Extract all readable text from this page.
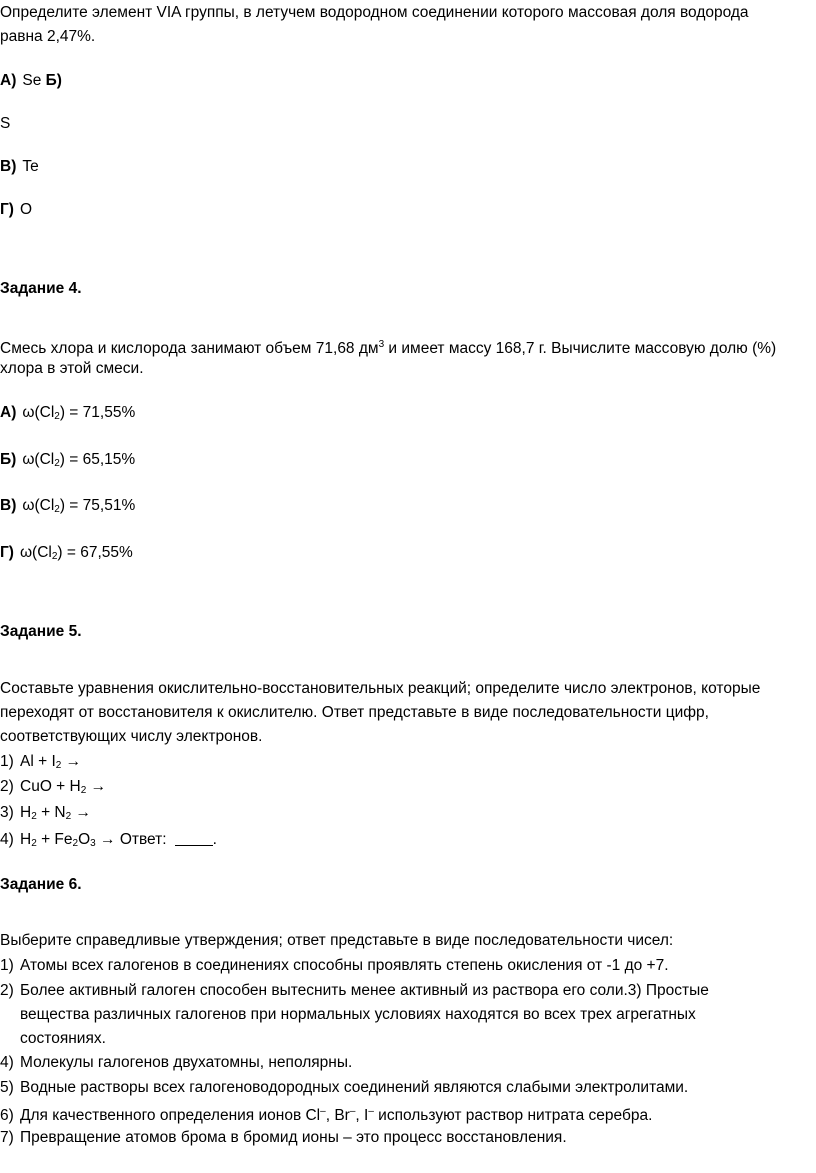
Определите элемент VIA группы, в летучем водородном соединении которого массовая доля водорода
равна 2,47%.
А) Se Б)
S
В) Te
Г) O
Задание 4.
Смесь хлора и кислорода занимают объем 71,68 $дм^3$ и имеет массу 168,7 г. Вычислите массовую долю (%)
хлора в этой смеси.
А) $\omega(Cl_2) = 71,55\%$
Б) $\omega(Cl_2) = 65,15\%$
В) $\omega(Cl_2) = 75,51\%$
Г) $\omega(Cl_2) = 67,55\%$
Задание 5.
Составьте уравнения окислительно-восстановительных реакций; определите число электронов, которые
переходят от восстановителя к окислителю. Ответ представьте в виде последовательности цифр,
соответствующих числу электронов.
1) $Al + I_2$ →
2) CuO + $H_2$ →
3) $H_2 + N_2$ →
4) $H_2 + Fe_2O_3$ → Ответ:	.
Задание 6.
Выберите справедливые утверждения; ответ представьте в виде последовательности чисел:
1) Атомы всех галогенов в соединениях способны проявлять степень окисления от -1 до +7.
2) Более активный галоген способен вытеснить менее активный из раствора его соли.3) Простые
вещества различных галогенов при нормальных условиях находятся во всех трех агрегатных
состояниях.
4) Молекулы галогенов двухатомны, неполярны.
5) Водные растворы всех галогеноводородных соединений являются слабыми электролитами.
6) Для качественного определения ионов Cl–, Br–, I– используют раствор нитрата серебра.
7) Превращение атомов брома в бромид ионы – это процесс восстановления.
